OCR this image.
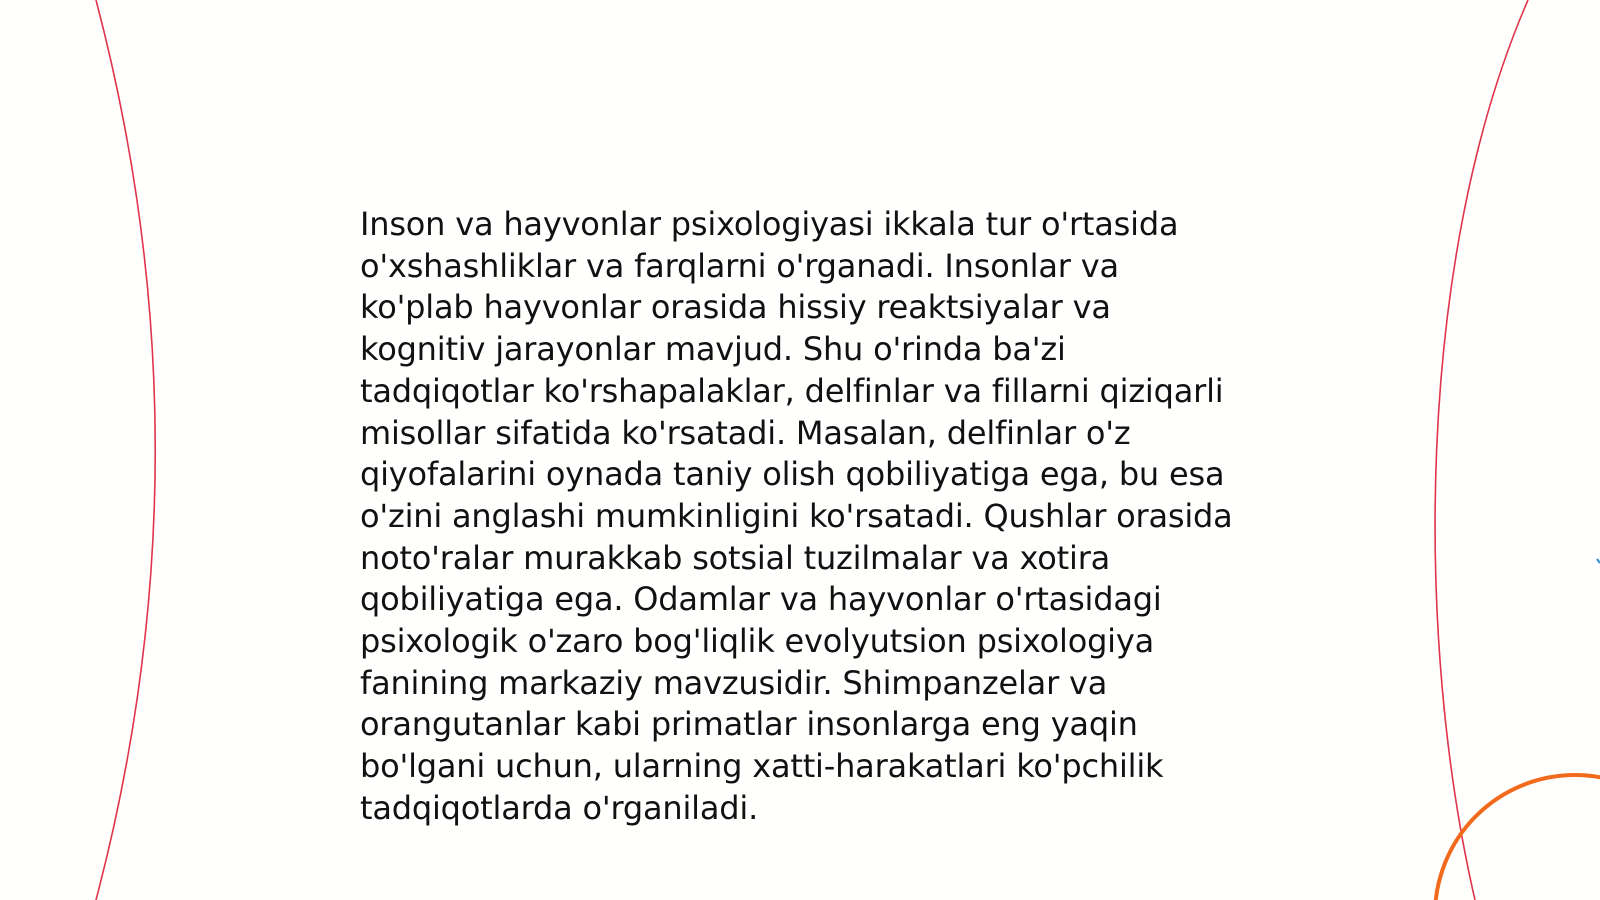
Inson va hayvonlar psixologiyasi ikkala tur o'rtasida o'xshashliklar va farqlarni o'rganadi. Insonlar va ko'plab hayvonlar orasida hissiy reaktsiyalar va kognitiv jarayonlar mavjud. Shu o'rinda ba'zi tadqiqotlar ko'rshapalaklar, delfinlar va fillarni qiziqarli misollar sifatida ko'rsatadi. Masalan, delfinlar o'z qiyofalarini oynada taniy olish qobiliyatiga ega, bu esa o'zini anglashi mumkinligini ko'rsatadi. Qushlar orasida noto'ralar murakkab sotsial tuzilmalar va xotira qobiliyatiga ega. Odamlar va hayvonlar o'rtasidagi psixologik o'zaro bog'liqlik evolyutsion psixologiya fanining markaziy mavzusidir. Shimpanzelar va orangutanlar kabi primatlar insonlarga eng yaqin bo'lgani uchun, ularning xatti-harakatlari ko'pchilik tadqiqotlarda o'rganiladi.
